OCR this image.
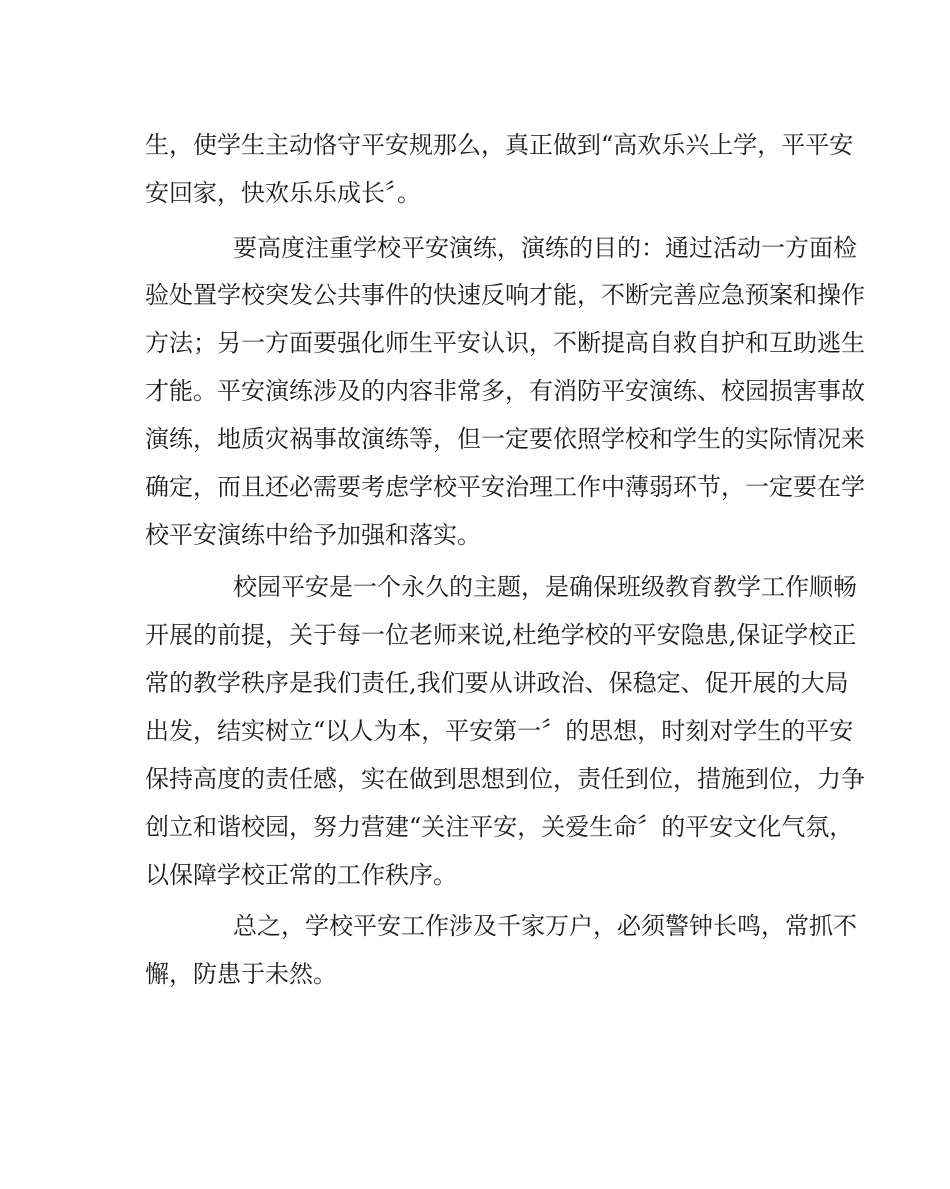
生，使学生主动恪守平安规那么，真正做到“高欢乐兴上学，平平安
安回家，快欢乐乐成长〞。
要高度注重学校平安演练，演练的目的：通过活动一方面检
验处置学校突发公共事件的快速反响才能，不断完善应急预案和操作
方法；另一方面要强化师生平安认识，不断提高自救自护和互助逃生
才能。平安演练涉及的内容非常多，有消防平安演练、校园损害事故
演练，地质灾祸事故演练等，但一定要依照学校和学生的实际情况来
确定，而且还必需要考虑学校平安治理工作中薄弱环节，一定要在学
校平安演练中给予加强和落实。
校园平安是一个永久的主题，是确保班级教育教学工作顺畅
开展的前提，关于每一位老师来说,杜绝学校的平安隐患,保证学校正
常的教学秩序是我们责任,我们要从讲政治、保稳定、促开展的大局
出发，结实树立“以人为本，平安第一〞的思想，时刻对学生的平安
保持高度的责任感，实在做到思想到位，责任到位，措施到位，力争
创立和谐校园，努力营建“关注平安，关爱生命〞的平安文化气氛，
以保障学校正常的工作秩序。
总之，学校平安工作涉及千家万户，必须警钟长鸣，常抓不
懈，防患于未然。
